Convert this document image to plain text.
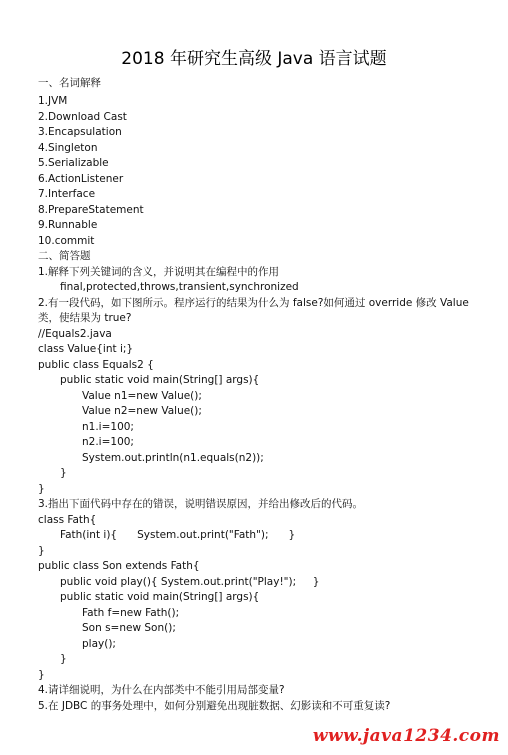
2018 年研究生高级 Java 语言试题
一、名词解释
1.JVM
2.Download Cast
3.Encapsulation
4.Singleton
5.Serializable
6.ActionListener
7.Interface
8.PrepareStatement
9.Runnable
10.commit
二、简答题
1.解释下列关键词的含义，并说明其在编程中的作用
final,protected,throws,transient,synchronized
2.有一段代码，如下图所示。程序运行的结果为什么为 false?如何通过 override 修改 Value
类，使结果为 true?
//Equals2.java
class Value{int i;}
public class Equals2 {
public static void main(String[] args){
Value n1=new Value();
Value n2=new Value();
n1.i=100;
n2.i=100;
System.out.println(n1.equals(n2));
}
}
3.指出下面代码中存在的错误，说明错误原因，并给出修改后的代码。
class Fath{
Fath(int i){      System.out.print("Fath");      }
}
public class Son extends Fath{
public void play(){ System.out.print("Play!");     }
public static void main(String[] args){
Fath f=new Fath();
Son s=new Son();
play();
}
}
4.请详细说明，为什么在内部类中不能引用局部变量?
5.在 JDBC 的事务处理中，如何分别避免出现脏数据、幻影读和不可重复读?
www.java1234.com
